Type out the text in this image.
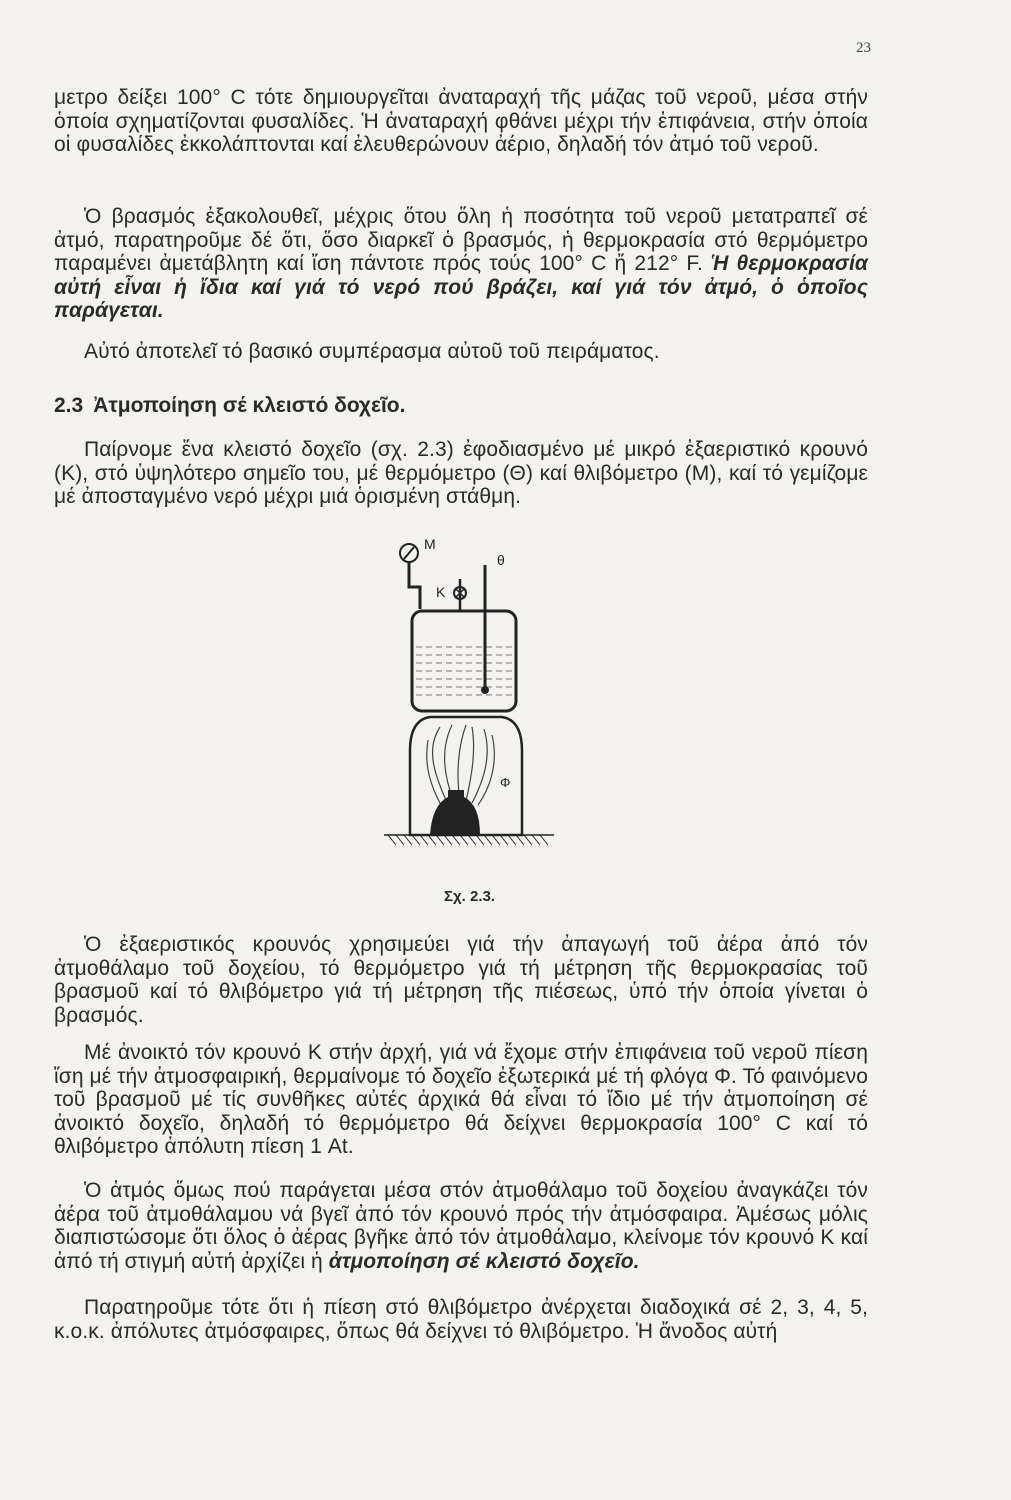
23

μετρο δείξει 100° C τότε δημιουργεῖται ἀναταραχή τῆς μάζας τοῦ νεροῦ, μέσα στήν ὁποία σχηματίζονται φυσαλίδες. Ἡ ἀναταραχή φθάνει μέχρι τήν ἐπιφάνεια, στήν ὁποία οἱ φυσαλίδες ἐκκολάπτονται καί ἐλευθερώνουν ἀέριο, δηλαδή τόν ἀτμό τοῦ νεροῦ.

Ὁ βρασμός ἐξακολουθεῖ, μέχρις ὅτου ὅλη ἡ ποσότητα τοῦ νεροῦ μετατραπεῖ σέ ἀτμό, παρατηροῦμε δέ ὅτι, ὅσο διαρκεῖ ὁ βρασμός, ἡ θερμοκρασία στό θερμόμετρο παραμένει ἀμετάβλητη καί ἴση πάντοτε πρός τούς 100° C ἤ 212° F. Ἡ θερμοκρασία αὐτή εἶναι ἡ ἴδια καί γιά τό νερό πού βράζει, καί γιά τόν ἀτμό, ὁ ὁποῖος παράγεται.

Αὐτό ἀποτελεῖ τό βασικό συμπέρασμα αὐτοῦ τοῦ πειράματος.

2.3 Ἀτμοποίηση σέ κλειστό δοχεῖο.

Παίρνομε ἕνα κλειστό δοχεῖο (σχ. 2.3) ἐφοδιασμένο μέ μικρό ἐξαεριστικό κρουνό (Κ), στό ὑψηλότερο σημεῖο του, μέ θερμόμετρο (Θ) καί θλιβόμετρο (Μ), καί τό γεμίζομε μέ ἀποσταγμένο νερό μέχρι μιά ὁρισμένη στάθμη.

Μ
Κ
θ
Φ
Σχ. 2.3.

Ὁ ἐξαεριστικός κρουνός χρησιμεύει γιά τήν ἀπαγωγή τοῦ ἀέρα ἀπό τόν ἀτμοθάλαμο τοῦ δοχείου, τό θερμόμετρο γιά τή μέτρηση τῆς θερμοκρασίας τοῦ βρασμοῦ καί τό θλιβόμετρο γιά τή μέτρηση τῆς πιέσεως, ὑπό τήν ὁποία γίνεται ὁ βρασμός.

Μέ ἀνοικτό τόν κρουνό Κ στήν ἀρχή, γιά νά ἔχομε στήν ἐπιφάνεια τοῦ νεροῦ πίεση ἴση μέ τήν ἀτμοσφαιρική, θερμαίνομε τό δοχεῖο ἐξωτερικά μέ τή φλόγα Φ. Τό φαινόμενο τοῦ βρασμοῦ μέ τίς συνθῆκες αὐτές ἀρχικά θά εἶναι τό ἴδιο μέ τήν ἀτμοποίηση σέ ἀνοικτό δοχεῖο, δηλαδή τό θερμόμετρο θά δείχνει θερμοκρασία 100° C καί τό θλιβόμετρο ἀπόλυτη πίεση 1 At.

Ὁ ἀτμός ὅμως πού παράγεται μέσα στόν ἀτμοθάλαμο τοῦ δοχείου ἀναγκάζει τόν ἀέρα τοῦ ἀτμοθάλαμου νά βγεῖ ἀπό τόν κρουνό πρός τήν ἀτμόσφαιρα. Ἀμέσως μόλις διαπιστώσομε ὅτι ὅλος ὁ ἀέρας βγῆκε ἀπό τόν ἀτμοθάλαμο, κλείνομε τόν κρουνό Κ καί ἀπό τή στιγμή αὐτή ἀρχίζει ἡ ἀτμοποίηση σέ κλειστό δοχεῖο.

Παρατηροῦμε τότε ὅτι ἡ πίεση στό θλιβόμετρο ἀνέρχεται διαδοχικά σέ 2, 3, 4, 5, κ.ο.κ. ἀπόλυτες ἀτμόσφαιρες, ὅπως θά δείχνει τό θλιβόμετρο. Ἡ ἄνοδος αὐτή
